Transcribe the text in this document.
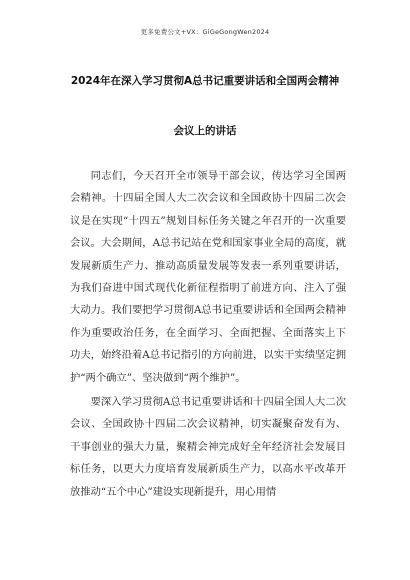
更多免费公文+VX：GiGeGongWen2024
2024年在深入学习贯彻A总书记重要讲话和全国两会精神
会议上的讲话

同志们，今天召开全市领导干部会议，传达学习全国两会精神。十四届全国人大二次会议和全国政协十四届二次会议是在实现“十四五”规划目标任务关键之年召开的一次重要会议。大会期间，A总书记站在党和国家事业全局的高度，就发展新质生产力、推动高质量发展等发表一系列重要讲话，为我们奋进中国式现代化新征程指明了前进方向、注入了强大动力。我们要把学习贯彻A总书记重要讲话和全国两会精神作为重要政治任务，在全面学习、全面把握、全面落实上下功夫，始终沿着A总书记指引的方向前进，以实干实绩坚定拥护“两个确立”、坚决做到“两个维护”。

要深入学习贯彻A总书记重要讲话和十四届全国人大二次会议、全国政协十四届二次会议精神，切实凝聚奋发有为、干事创业的强大力量，聚精会神完成好全年经济社会发展目标任务，以更大力度培育发展新质生产力，以高水平改革开放推动“五个中心”建设实现新提升，用心用情
